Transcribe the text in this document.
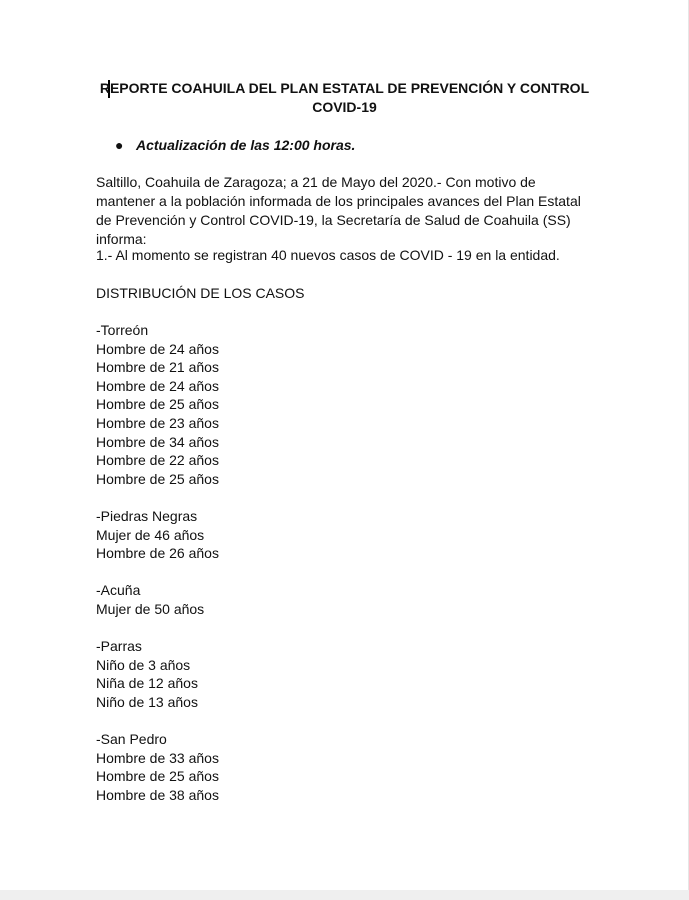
REPORTE COAHUILA DEL PLAN ESTATAL DE PREVENCIÓN Y CONTROL
COVID-19
● Actualización de las 12:00 horas.
Saltillo, Coahuila de Zaragoza; a 21 de Mayo del 2020.- Con motivo de mantener a la población informada de los principales avances del Plan Estatal de Prevención y Control COVID-19, la Secretaría de Salud de Coahuila (SS) informa:
1.- Al momento se registran 40 nuevos casos de COVID - 19 en la entidad.
DISTRIBUCIÓN DE LOS CASOS
-Torreón
Hombre de 24 años
Hombre de 21 años
Hombre de 24 años
Hombre de 25 años
Hombre de 23 años
Hombre de 34 años
Hombre de 22 años
Hombre de 25 años
-Piedras Negras
Mujer de 46 años
Hombre de 26 años
-Acuña
Mujer de 50 años
-Parras
Niño de 3 años
Niña de 12 años
Niño de 13 años
-San Pedro
Hombre de 33 años
Hombre de 25 años
Hombre de 38 años
